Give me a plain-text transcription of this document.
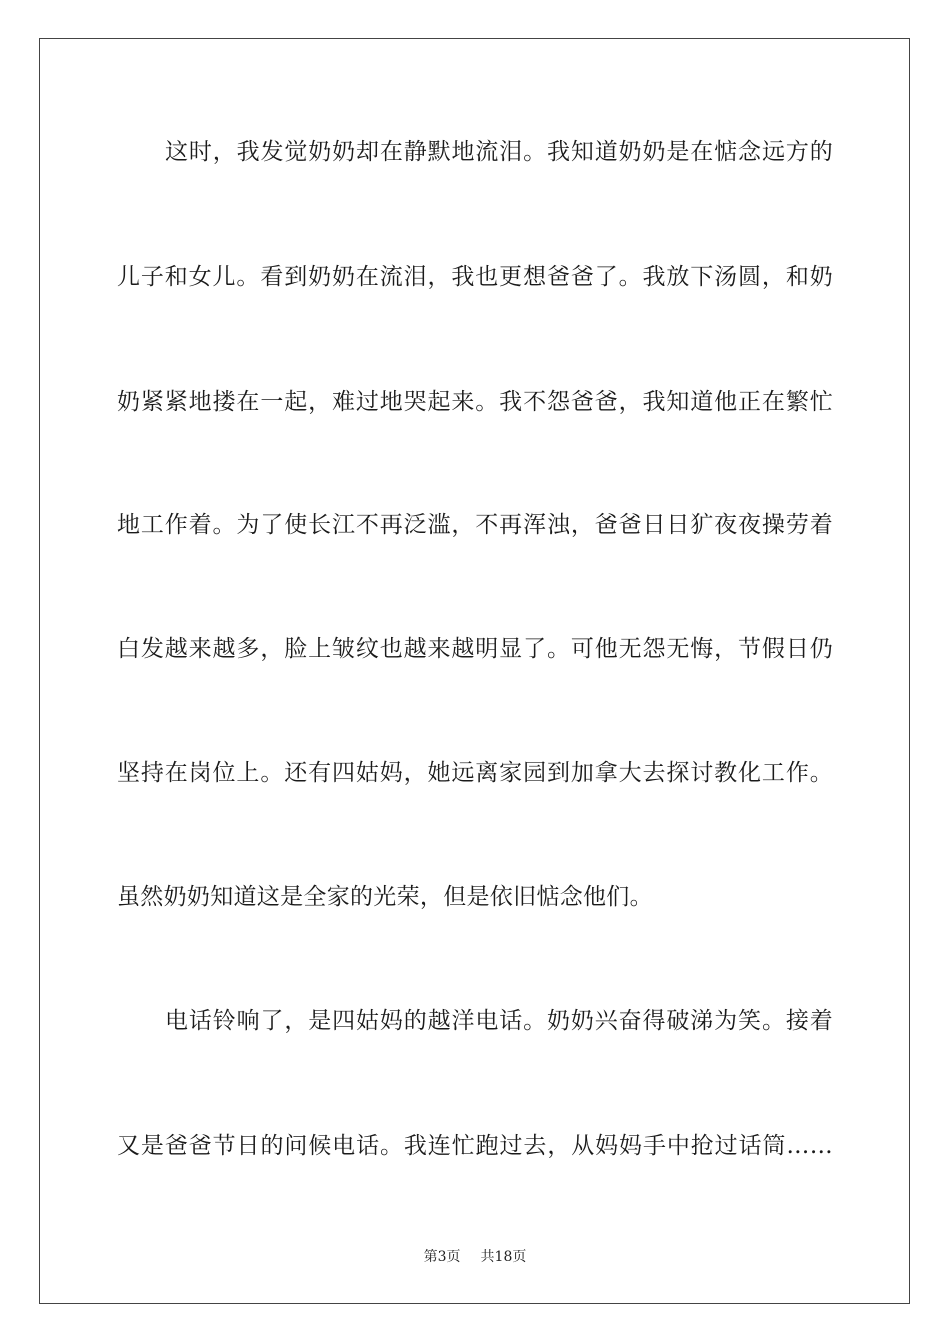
这时，我发觉奶奶却在静默地流泪。我知道奶奶是在惦念远方的
儿子和女儿。看到奶奶在流泪，我也更想爸爸了。我放下汤圆，和奶
奶紧紧地搂在一起，难过地哭起来。我不怨爸爸，我知道他正在繁忙
地工作着。为了使长江不再泛滥，不再浑浊，爸爸日日犷夜夜操劳着
白发越来越多，脸上皱纹也越来越明显了。可他无怨无悔，节假日仍
坚持在岗位上。还有四姑妈，她远离家园到加拿大去探讨教化工作。
虽然奶奶知道这是全家的光荣，但是依旧惦念他们。
电话铃响了，是四姑妈的越洋电话。奶奶兴奋得破涕为笑。接着
又是爸爸节日的问候电话。我连忙跑过去，从妈妈手中抢过话筒……
第3页 共18页
